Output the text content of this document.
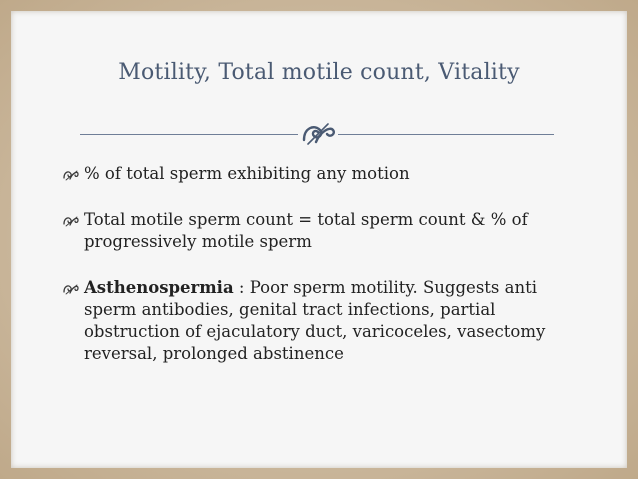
Motility, Total motile count, Vitality
% of total sperm exhibiting any motion
Total motile sperm count = total sperm count & % of progressively motile sperm
Asthenospermia : Poor sperm motility. Suggests anti sperm antibodies, genital tract infections, partial obstruction of ejaculatory duct, varicoceles, vasectomy reversal, prolonged abstinence
